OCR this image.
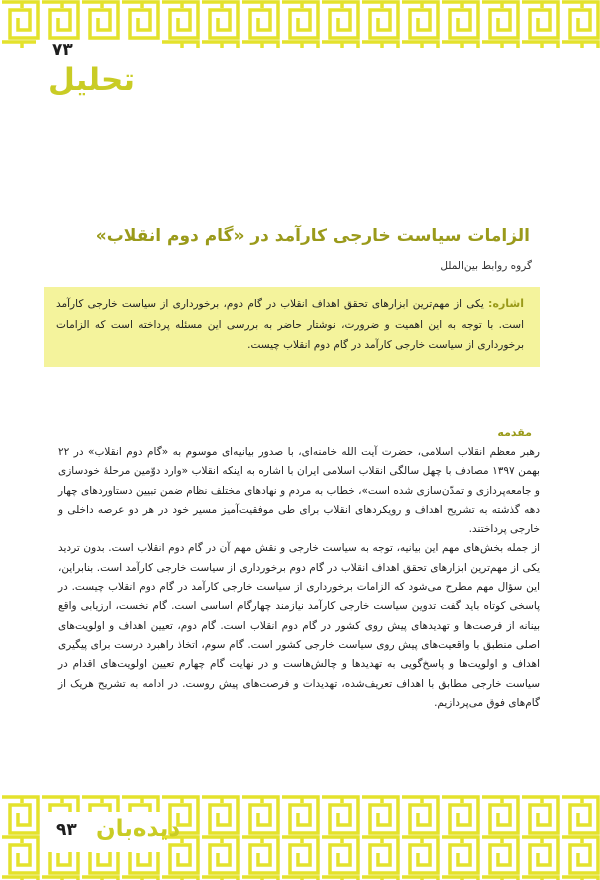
۷۳
تحلیل
الزامات سیاست خارجی کارآمد در «گام دوم انقلاب»
گروه روابط بین‌الملل
اشاره: یکی از مهم‌ترین ابزارهای تحقق اهداف انقلاب در گام دوم، برخورداری از سیاست خارجی کارآمد است. با توجه به این اهمیت و ضرورت، نوشتار حاضر به بررسی این مسئله پرداخته است که الزامات برخورداری از سیاست خارجی کارآمد در گام دوم انقلاب چیست.
مقدمه
رهبر معظم انقلاب اسلامی، حضرت آیت الله خامنه‌ای، با صدور بیانیه‌ای موسوم به «گام دوم انقلاب» در ۲۲ بهمن ۱۳۹۷ مصادف با چهل سالگی انقلاب اسلامی ایران با اشاره به اینکه انقلاب «وارد دوّمین مرحلهٔ خودسازی و جامعه‌پردازی و تمدّن‌سازی شده است»، خطاب به مردم و نهادهای مختلف نظام ضمن تبیین دستاوردهای چهار دهه گذشته به تشریح اهداف و رویکردهای انقلاب برای طی موفقیت‌آمیز مسیر خود در هر دو عرصه داخلی و خارجی پرداختند.
از جمله بخش‌های مهم این بیانیه، توجه به سیاست خارجی و نقش مهم آن در گام دوم انقلاب است. بدون تردید یکی از مهم‌ترین ابزارهای تحقق اهداف انقلاب در گام دوم برخورداری از سیاست خارجی کارآمد است. بنابراین، این سؤال مهم مطرح می‌شود که الزامات برخورداری از سیاست خارجی کارآمد در گام دوم انقلاب چیست. در پاسخی کوتاه باید گفت تدوین سیاست خارجی کارآمد نیازمند چهارگام اساسی است. گام نخست، ارزیابی واقع بینانه از فرصت‌ها و تهدیدهای پیش روی کشور در گام دوم انقلاب است. گام دوم، تعیین اهداف و اولویت‌های اصلی منطبق با واقعیت‌های پیش روی سیاست خارجی کشور است. گام سوم، اتخاذ راهبرد درست برای پیگیری اهداف و اولویت‌ها و پاسخ‌گویی به تهدیدها و چالش‌هاست و در نهایت گام چهارم تعیین اولویت‌های اقدام در سیاست خارجی مطابق با اهداف تعریف‌شده، تهدیدات و فرصت‌های پیش روست. در ادامه به تشریح هریک از گام‌های فوق می‌پردازیم.
دیده‌بان
۹۳
